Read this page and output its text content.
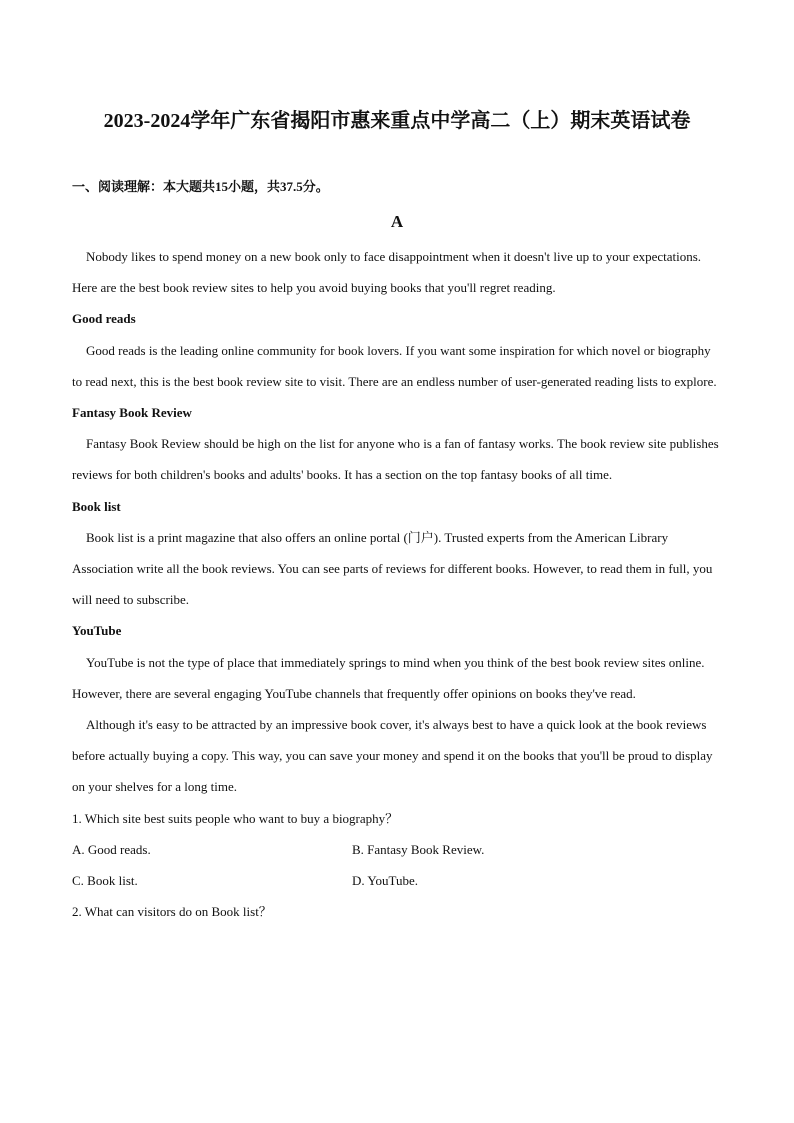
2023-2024学年广东省揭阳市惠来重点中学高二（上）期末英语试卷
一、阅读理解：本大题共15小题，共37.5分。
A

Nobody likes to spend money on a new book only to face disappointment when it doesn't live up to your expectations. Here are the best book review sites to help you avoid buying books that you'll regret reading.

Good reads

Good reads is the leading online community for book lovers. If you want some inspiration for which novel or biography to read next, this is the best book review site to visit. There are an endless number of user-generated reading lists to explore.

Fantasy Book Review

Fantasy Book Review should be high on the list for anyone who is a fan of fantasy works. The book review site publishes reviews for both children's books and adults' books. It has a section on the top fantasy books of all time.

Book list

Book list is a print magazine that also offers an online portal (门户). Trusted experts from the American Library Association write all the book reviews. You can see parts of reviews for different books. However, to read them in full, you will need to subscribe.

YouTube

YouTube is not the type of place that immediately springs to mind when you think of the best book review sites online. However, there are several engaging YouTube channels that frequently offer opinions on books they've read.

Although it's easy to be attracted by an impressive book cover, it's always best to have a quick look at the book reviews before actually buying a copy. This way, you can save your money and spend it on the books that you'll be proud to display on your shelves for a long time.

1. Which site best suits people who want to buy a biography？

A. Good reads.	B. Fantasy Book Review.
C. Book list.	D. YouTube.

2. What can visitors do on Book list？
